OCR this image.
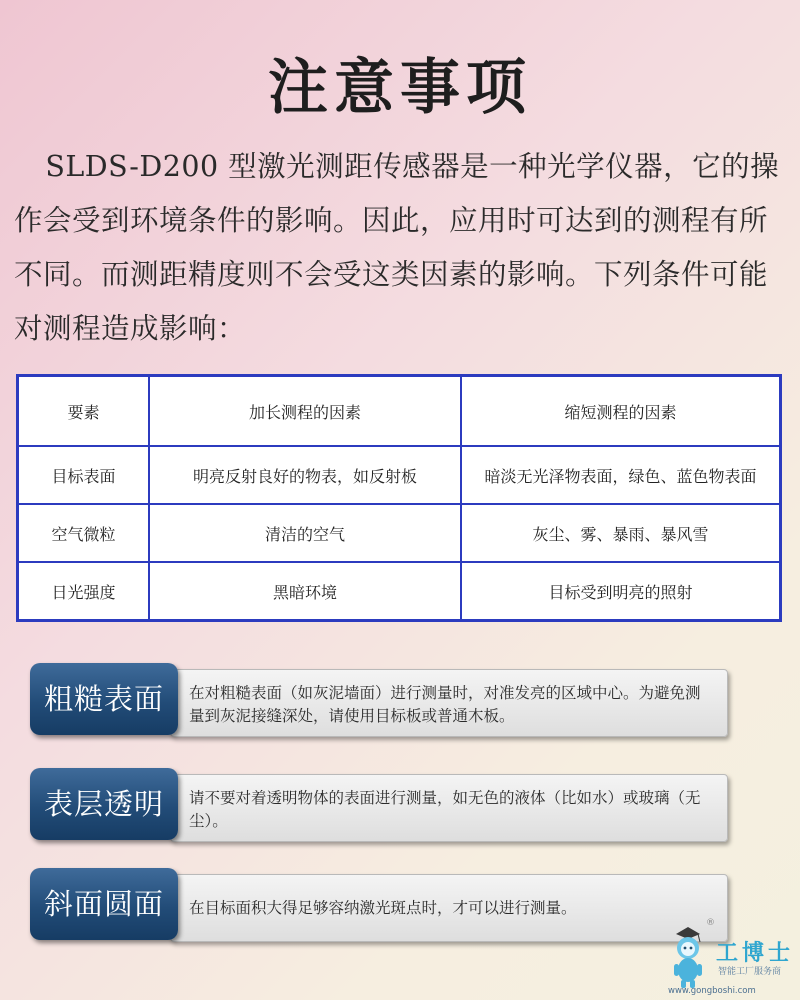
注意事项

SLDS-D200 型激光测距传感器是一种光学仪器，它的操作会受到环境条件的影响。因此，应用时可达到的测程有所不同。而测距精度则不会受这类因素的影响。下列条件可能对测程造成影响：

要素	加长测程的因素	缩短测程的因素
目标表面	明亮反射良好的物表，如反射板	暗淡无光泽物表面，绿色、蓝色物表面
空气微粒	清洁的空气	灰尘、雾、暴雨、暴风雪
日光强度	黑暗环境	目标受到明亮的照射

在对粗糙表面（如灰泥墙面）进行测量时，对准发亮的区域中心。为避免测量到灰泥接缝深处，请使用目标板或普通木板。

粗糙表面

请不要对着透明物体的表面进行测量，如无色的液体（比如水）或玻璃（无尘）。

表层透明

在目标面积大得足够容纳激光斑点时，才可以进行测量。

斜面圆面
®
工博士
智能工厂服务商
www.gongboshi.com
